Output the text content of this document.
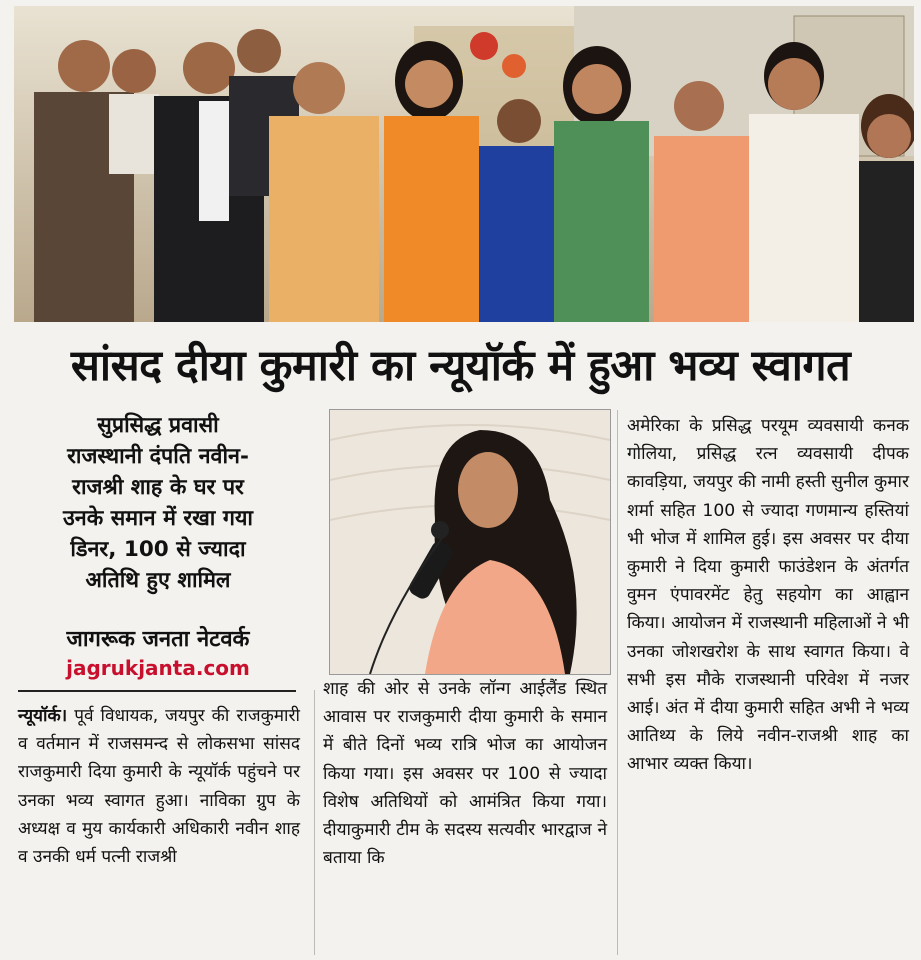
सांसद दीया कुमारी का न्यूयॉर्क में हुआ भव्य स्वागत
सुप्रसिद्ध प्रवासी
राजस्थानी दंपति नवीन-
राजश्री शाह के घर पर
उनके समान में रखा गया
डिनर, 100 से ज्यादा
अतिथि हुए शामिल
जागरूक जनता नेटवर्क
jagrukjanta.com
न्यूयॉर्क। पूर्व विधायक, जयपुर की राजकुमारी व वर्तमान में राजसमन्द से लोकसभा सांसद राजकुमारी दिया कुमारी के न्यूयॉर्क पहुंचने पर उनका भव्य स्वागत हुआ। नाविका ग्रुप के अध्यक्ष व मुय कार्यकारी अधिकारी नवीन शाह व उनकी धर्म पत्नी राजश्री
शाह की ओर से उनके लॉन्ग आईलैंड स्थित आवास पर राजकुमारी दीया कुमारी के समान में बीते दिनों भव्य रात्रि भोज का आयोजन किया गया। इस अवसर पर 100 से ज्यादा विशेष अतिथियों को आमंत्रित किया गया। दीयाकुमारी टीम के सदस्य सत्यवीर भारद्वाज ने बताया कि
अमेरिका के प्रसिद्ध परयूम व्यवसायी कनक गोलिया, प्रसिद्ध रत्न व्यवसायी दीपक कावड़िया, जयपुर की नामी हस्ती सुनील कुमार शर्मा सहित 100 से ज्यादा गणमान्य हस्तियां भी भोज में शामिल हुई। इस अवसर पर दीया कुमारी ने दिया कुमारी फाउंडेशन के अंतर्गत वुमन एंपावरमेंट हेतु सहयोग का आह्वान किया। आयोजन में राजस्थानी महिलाओं ने भी उनका जोशखरोश के साथ स्वागत किया। वे सभी इस मौके राजस्थानी परिवेश में नजर आई। अंत में दीया कुमारी सहित अभी ने भव्य आतिथ्य के लिये नवीन-राजश्री शाह का आभार व्यक्त किया।
